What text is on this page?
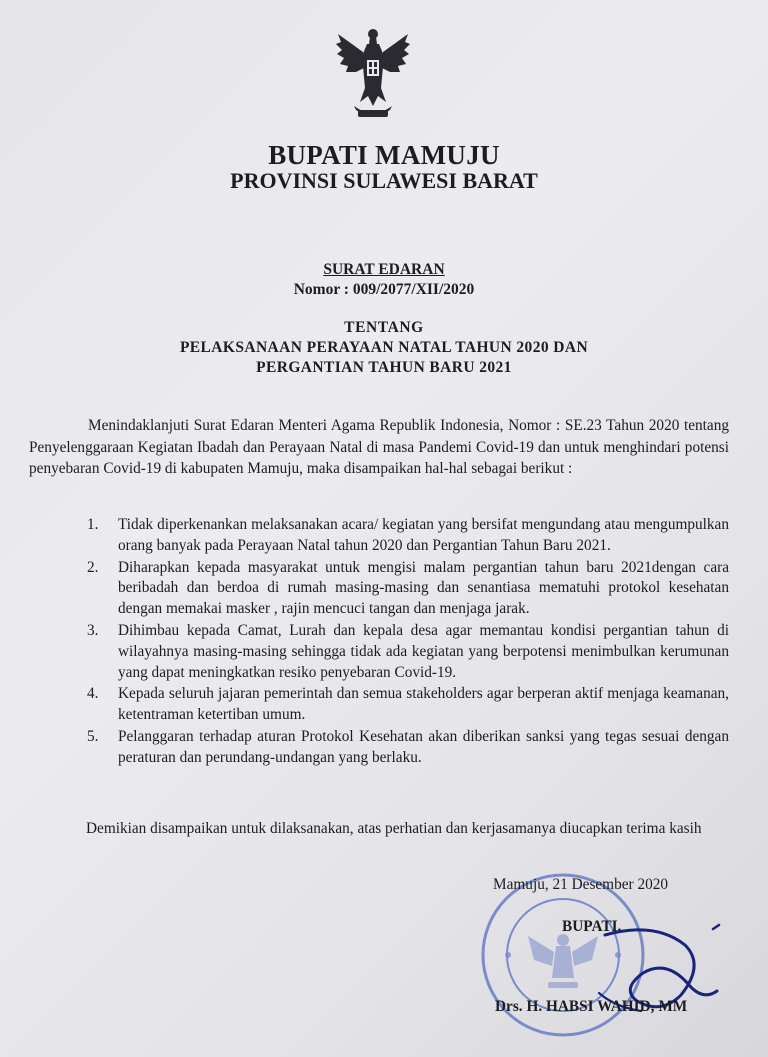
BUPATI MAMUJU
PROVINSI SULAWESI BARAT
SURAT EDARAN
Nomor : 009/2077/XII/2020
TENTANG
PELAKSANAAN PERAYAAN NATAL TAHUN 2020 DAN
PERGANTIAN TAHUN BARU 2021
Menindaklanjuti Surat Edaran Menteri Agama Republik Indonesia, Nomor : SE.23 Tahun 2020 tentang Penyelenggaraan Kegiatan Ibadah dan Perayaan Natal di masa Pandemi Covid-19 dan untuk menghindari potensi penyebaran Covid-19 di kabupaten Mamuju, maka disampaikan hal-hal sebagai berikut :
1. Tidak diperkenankan melaksanakan acara/ kegiatan yang bersifat mengundang atau mengumpulkan orang banyak pada Perayaan Natal tahun 2020 dan Pergantian Tahun Baru 2021.
2. Diharapkan kepada masyarakat untuk mengisi malam pergantian tahun baru 2021dengan cara beribadah dan berdoa di rumah masing-masing dan senantiasa mematuhi protokol kesehatan dengan memakai masker , rajin mencuci tangan dan menjaga jarak.
3. Dihimbau kepada Camat, Lurah dan kepala desa agar memantau kondisi pergantian tahun di wilayahnya masing-masing sehingga tidak ada kegiatan yang berpotensi menimbulkan kerumunan yang dapat meningkatkan resiko penyebaran Covid-19.
4. Kepada seluruh jajaran pemerintah dan semua stakeholders agar berperan aktif menjaga keamanan, ketentraman ketertiban umum.
5. Pelanggaran terhadap aturan Protokol Kesehatan akan diberikan sanksi yang tegas sesuai dengan peraturan dan perundang-undangan yang berlaku.
Demikian disampaikan untuk dilaksanakan, atas perhatian dan kerjasamanya diucapkan terima kasih
Mamuju, 21 Desember 2020
BUPATI,
Drs. H. HABSI WAHID, MM
